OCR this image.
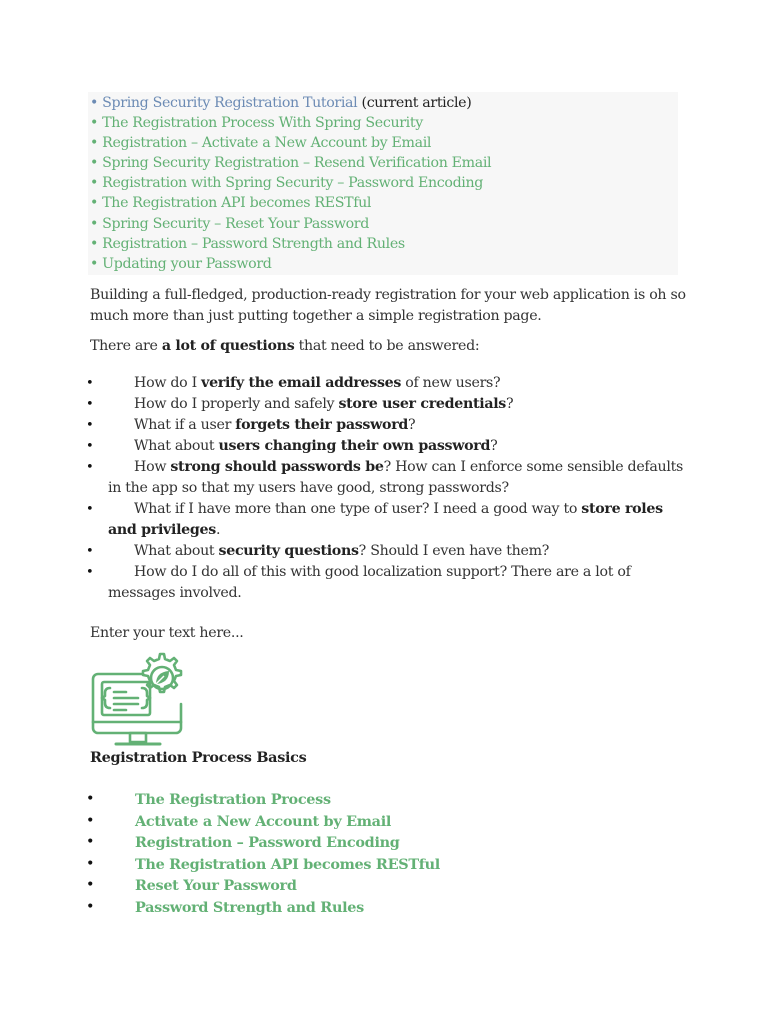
• Spring Security Registration Tutorial (current article)
• The Registration Process With Spring Security
• Registration – Activate a New Account by Email
• Spring Security Registration – Resend Verification Email
• Registration with Spring Security – Password Encoding
• The Registration API becomes RESTful
• Spring Security – Reset Your Password
• Registration – Password Strength and Rules
• Updating your Password
Building a full-fledged, production-ready registration for your web application is oh so much more than just putting together a simple registration page.
There are a lot of questions that need to be answered:
• How do I verify the email addresses of new users?
• How do I properly and safely store user credentials?
• What if a user forgets their password?
• What about users changing their own password?
• How strong should passwords be? How can I enforce some sensible defaults in the app so that my users have good, strong passwords?
• What if I have more than one type of user? I need a good way to store roles and privileges.
• What about security questions? Should I even have them?
• How do I do all of this with good localization support? There are a lot of messages involved.
Enter your text here...
Registration Process Basics
• The Registration Process
• Activate a New Account by Email
• Registration – Password Encoding
• The Registration API becomes RESTful
• Reset Your Password
• Password Strength and Rules
